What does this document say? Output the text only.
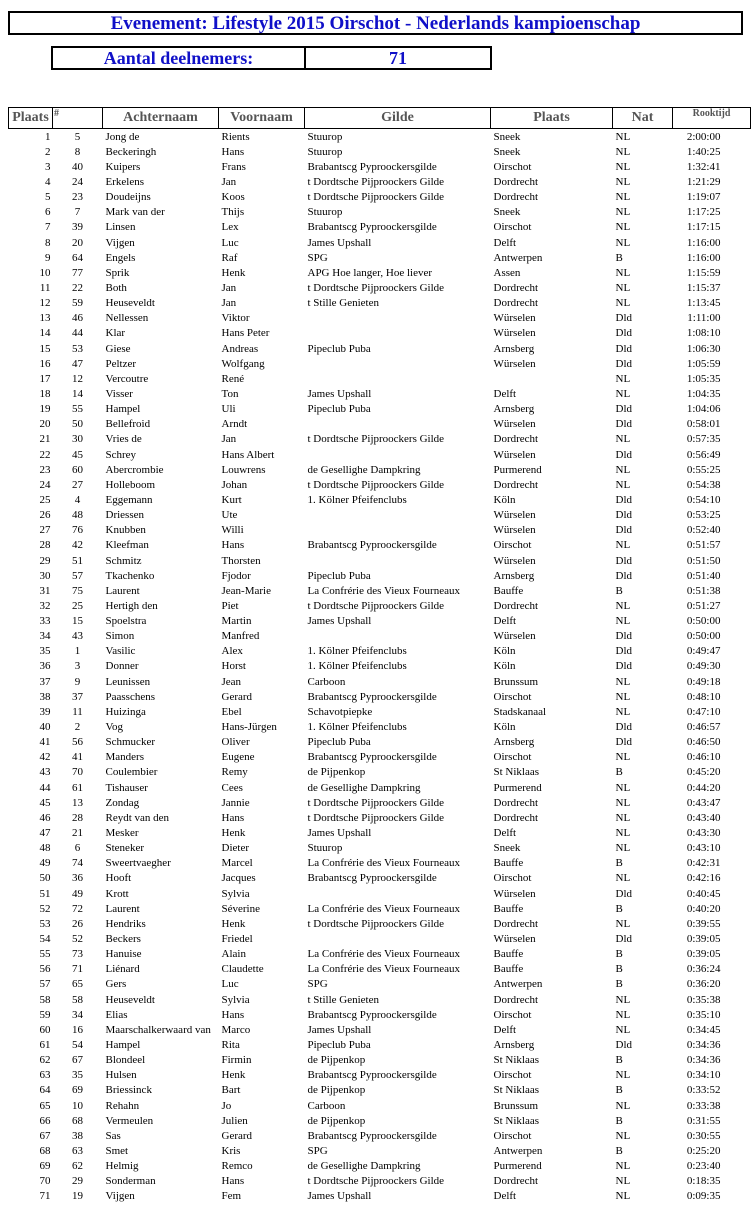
Evenement: Lifestyle 2015 Oirschot - Nederlands kampioenschap
Aantal deelnemers:	71
Plaats	#	Achternaam	Voornaam	Gilde	Plaats	Nat	Rooktijd
1	5	Jong de	Rients	Stuurop	Sneek	NL	2:00:00
2	8	Beckeringh	Hans	Stuurop	Sneek	NL	1:40:25
3	40	Kuipers	Frans	Brabantscg Pyproockersgilde	Oirschot	NL	1:32:41
4	24	Erkelens	Jan	t Dordtsche Pijproockers Gilde	Dordrecht	NL	1:21:29
5	23	Doudeijns	Koos	t Dordtsche Pijproockers Gilde	Dordrecht	NL	1:19:07
6	7	Mark van der	Thijs	Stuurop	Sneek	NL	1:17:25
7	39	Linsen	Lex	Brabantscg Pyproockersgilde	Oirschot	NL	1:17:15
8	20	Vijgen	Luc	James Upshall	Delft	NL	1:16:00
9	64	Engels	Raf	SPG	Antwerpen	B	1:16:00
10	77	Sprik	Henk	APG Hoe langer, Hoe liever	Assen	NL	1:15:59
11	22	Both	Jan	t Dordtsche Pijproockers Gilde	Dordrecht	NL	1:15:37
12	59	Heuseveldt	Jan	t Stille Genieten	Dordrecht	NL	1:13:45
13	46	Nellessen	Viktor		Würselen	Dld	1:11:00
14	44	Klar	Hans Peter		Würselen	Dld	1:08:10
15	53	Giese	Andreas	Pipeclub Puba	Arnsberg	Dld	1:06:30
16	47	Peltzer	Wolfgang		Würselen	Dld	1:05:59
17	12	Vercoutre	René			NL	1:05:35
18	14	Visser	Ton	James Upshall	Delft	NL	1:04:35
19	55	Hampel	Uli	Pipeclub Puba	Arnsberg	Dld	1:04:06
20	50	Bellefroid	Arndt		Würselen	Dld	0:58:01
21	30	Vries de	Jan	t Dordtsche Pijproockers Gilde	Dordrecht	NL	0:57:35
22	45	Schrey	Hans Albert		Würselen	Dld	0:56:49
23	60	Abercrombie	Louwrens	de Gesellighe Dampkring	Purmerend	NL	0:55:25
24	27	Holleboom	Johan	t Dordtsche Pijproockers Gilde	Dordrecht	NL	0:54:38
25	4	Eggemann	Kurt	1. Kölner Pfeifenclubs	Köln	Dld	0:54:10
26	48	Driessen	Ute		Würselen	Dld	0:53:25
27	76	Knubben	Willi		Würselen	Dld	0:52:40
28	42	Kleefman	Hans	Brabantscg Pyproockersgilde	Oirschot	NL	0:51:57
29	51	Schmitz	Thorsten		Würselen	Dld	0:51:50
30	57	Tkachenko	Fjodor	Pipeclub Puba	Arnsberg	Dld	0:51:40
31	75	Laurent	Jean-Marie	La Confrérie des Vieux Fourneaux	Bauffe	B	0:51:38
32	25	Hertigh den	Piet	t Dordtsche Pijproockers Gilde	Dordrecht	NL	0:51:27
33	15	Spoelstra	Martin	James Upshall	Delft	NL	0:50:00
34	43	Simon	Manfred		Würselen	Dld	0:50:00
35	1	Vasilic	Alex	1. Kölner Pfeifenclubs	Köln	Dld	0:49:47
36	3	Donner	Horst	1. Kölner Pfeifenclubs	Köln	Dld	0:49:30
37	9	Leunissen	Jean	Carboon	Brunssum	NL	0:49:18
38	37	Paasschens	Gerard	Brabantscg Pyproockersgilde	Oirschot	NL	0:48:10
39	11	Huizinga	Ebel	Schavotpiepke	Stadskanaal	NL	0:47:10
40	2	Vog	Hans-Jürgen	1. Kölner Pfeifenclubs	Köln	Dld	0:46:57
41	56	Schmucker	Oliver	Pipeclub Puba	Arnsberg	Dld	0:46:50
42	41	Manders	Eugene	Brabantscg Pyproockersgilde	Oirschot	NL	0:46:10
43	70	Coulembier	Remy	de Pijpenkop	St Niklaas	B	0:45:20
44	61	Tishauser	Cees	de Gesellighe Dampkring	Purmerend	NL	0:44:20
45	13	Zondag	Jannie	t Dordtsche Pijproockers Gilde	Dordrecht	NL	0:43:47
46	28	Reydt van den	Hans	t Dordtsche Pijproockers Gilde	Dordrecht	NL	0:43:40
47	21	Mesker	Henk	James Upshall	Delft	NL	0:43:30
48	6	Steneker	Dieter	Stuurop	Sneek	NL	0:43:10
49	74	Sweertvaegher	Marcel	La Confrérie des Vieux Fourneaux	Bauffe	B	0:42:31
50	36	Hooft	Jacques	Brabantscg Pyproockersgilde	Oirschot	NL	0:42:16
51	49	Krott	Sylvia		Würselen	Dld	0:40:45
52	72	Laurent	Séverine	La Confrérie des Vieux Fourneaux	Bauffe	B	0:40:20
53	26	Hendriks	Henk	t Dordtsche Pijproockers Gilde	Dordrecht	NL	0:39:55
54	52	Beckers	Friedel		Würselen	Dld	0:39:05
55	73	Hanuise	Alain	La Confrérie des Vieux Fourneaux	Bauffe	B	0:39:05
56	71	Liénard	Claudette	La Confrérie des Vieux Fourneaux	Bauffe	B	0:36:24
57	65	Gers	Luc	SPG	Antwerpen	B	0:36:20
58	58	Heuseveldt	Sylvia	t Stille Genieten	Dordrecht	NL	0:35:38
59	34	Elias	Hans	Brabantscg Pyproockersgilde	Oirschot	NL	0:35:10
60	16	Maarschalkerwaard van	Marco	James Upshall	Delft	NL	0:34:45
61	54	Hampel	Rita	Pipeclub Puba	Arnsberg	Dld	0:34:36
62	67	Blondeel	Firmin	de Pijpenkop	St Niklaas	B	0:34:36
63	35	Hulsen	Henk	Brabantscg Pyproockersgilde	Oirschot	NL	0:34:10
64	69	Briessinck	Bart	de Pijpenkop	St Niklaas	B	0:33:52
65	10	Rehahn	Jo	Carboon	Brunssum	NL	0:33:38
66	68	Vermeulen	Julien	de Pijpenkop	St Niklaas	B	0:31:55
67	38	Sas	Gerard	Brabantscg Pyproockersgilde	Oirschot	NL	0:30:55
68	63	Smet	Kris	SPG	Antwerpen	B	0:25:20
69	62	Helmig	Remco	de Gesellighe Dampkring	Purmerend	NL	0:23:40
70	29	Sonderman	Hans	t Dordtsche Pijproockers Gilde	Dordrecht	NL	0:18:35
71	19	Vijgen	Fem	James Upshall	Delft	NL	0:09:35
